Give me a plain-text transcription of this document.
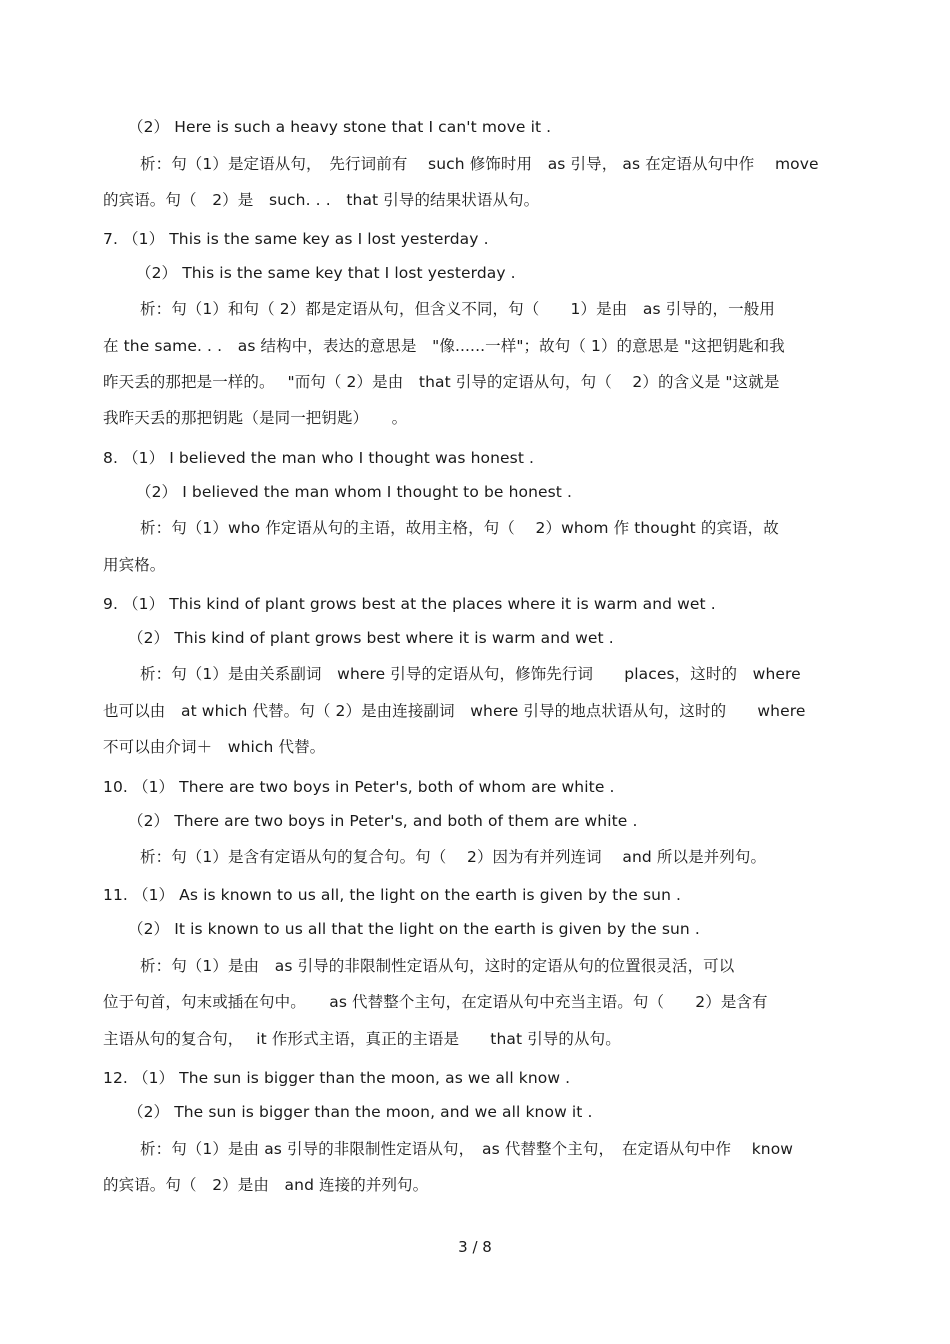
（2） Here is such a heavy stone that I can't move it .
析：句（1）是定语从句，　先行词前有　 such 修饰时用　as 引导， as 在定语从句中作　 move
的宾语。句（　2）是　such. . .　that 引导的结果状语从句。
7. （1） This is the same key as I lost yesterday .
（2） This is the same key that I lost yesterday .
析：句（1）和句（ 2）都是定语从句，但含义不同，句（　　1）是由　as 引导的，一般用
在 the same. . .　as 结构中，表达的意思是　"像......一样"；故句（ 1）的意思是 "这把钥匙和我
昨天丢的那把是一样的。　 "而句（ 2）是由　that 引导的定语从句，句（　 2）的含义是 "这就是
我昨天丢的那把钥匙（是同一把钥匙）　　。
8. （1） I believed the man who I thought was honest .
（2） I believed the man whom I thought to be honest .
析：句（1）who 作定语从句的主语，故用主格，句（　 2）whom 作 thought 的宾语，故
用宾格。
9. （1） This kind of plant grows best at the places where it is warm and wet .
（2） This kind of plant grows best where it is warm and wet .
析：句（1）是由关系副词　where 引导的定语从句，修饰先行词　　places，这时的　where
也可以由　at which 代替。句（ 2）是由连接副词　where 引导的地点状语从句，这时的　　where
不可以由介词＋　which 代替。
10. （1） There are two boys in Peter's, both of whom are white .
（2） There are two boys in Peter's, and both of them are white .
析：句（1）是含有定语从句的复合句。句（　 2）因为有并列连词　 and 所以是并列句。
11. （1） As is known to us all, the light on the earth is given by the sun .
（2） It is known to us all that the light on the earth is given by the sun .
析：句（1）是由　as 引导的非限制性定语从句，这时的定语从句的位置很灵活，可以
位于句首，句末或插在句中。　　as 代替整个主句，在定语从句中充当主语。句（　　2）是含有
主语从句的复合句，　 it 作形式主语，真正的主语是　　that 引导的从句。
12. （1） The sun is bigger than the moon, as we all know .
（2） The sun is bigger than the moon, and we all know it .
析：句（1）是由 as 引导的非限制性定语从句，　as 代替整个主句，　在定语从句中作　 know
的宾语。句（　2）是由　and 连接的并列句。
3 / 8
